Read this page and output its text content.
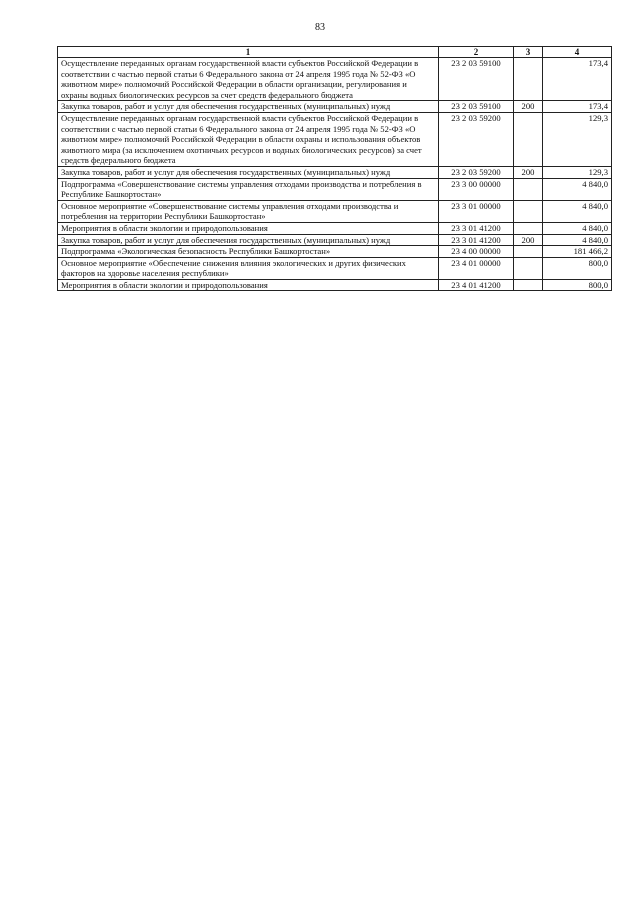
83
1	2	3	4
Осуществление переданных органам государственной власти субъектов Российской Федерации в соответствии с частью первой статьи 6 Федерального закона от 24 апреля 1995 года № 52-ФЗ «О животном мире» полномочий Российской Федерации в области организации, регулирования и охраны водных биологических ресурсов за счет средств федерального бюджета	23 2 03 59100		173,4
Закупка товаров, работ и услуг для обеспечения государственных (муниципальных) нужд	23 2 03 59100	200	173,4
Осуществление переданных органам государственной власти субъектов Российской Федерации в соответствии с частью первой статьи 6 Федерального закона от 24 апреля 1995 года № 52-ФЗ «О животном мире» полномочий Российской Федерации в области охраны и использования объектов животного мира (за исключением охотничьих ресурсов и водных биологических ресурсов) за счет средств федерального бюджета	23 2 03 59200		129,3
Закупка товаров, работ и услуг для обеспечения государственных (муниципальных) нужд	23 2 03 59200	200	129,3
Подпрограмма «Совершенствование системы управления отходами производства и потребления в Республике Башкортостан»	23 3 00 00000		4 840,0
Основное мероприятие «Совершенствование системы управления отходами производства и потребления на территории Республики Башкортостан»	23 3 01 00000		4 840,0
Мероприятия в области экологии и природопользования	23 3 01 41200		4 840,0
Закупка товаров, работ и услуг для обеспечения государственных (муниципальных) нужд	23 3 01 41200	200	4 840,0
Подпрограмма «Экологическая безопасность Республики Башкортостан»	23 4 00 00000		181 466,2
Основное мероприятие «Обеспечение снижения влияния экологических и других физических факторов на здоровье населения республики»	23 4 01 00000		800,0
Мероприятия в области экологии и природопользования	23 4 01 41200		800,0
